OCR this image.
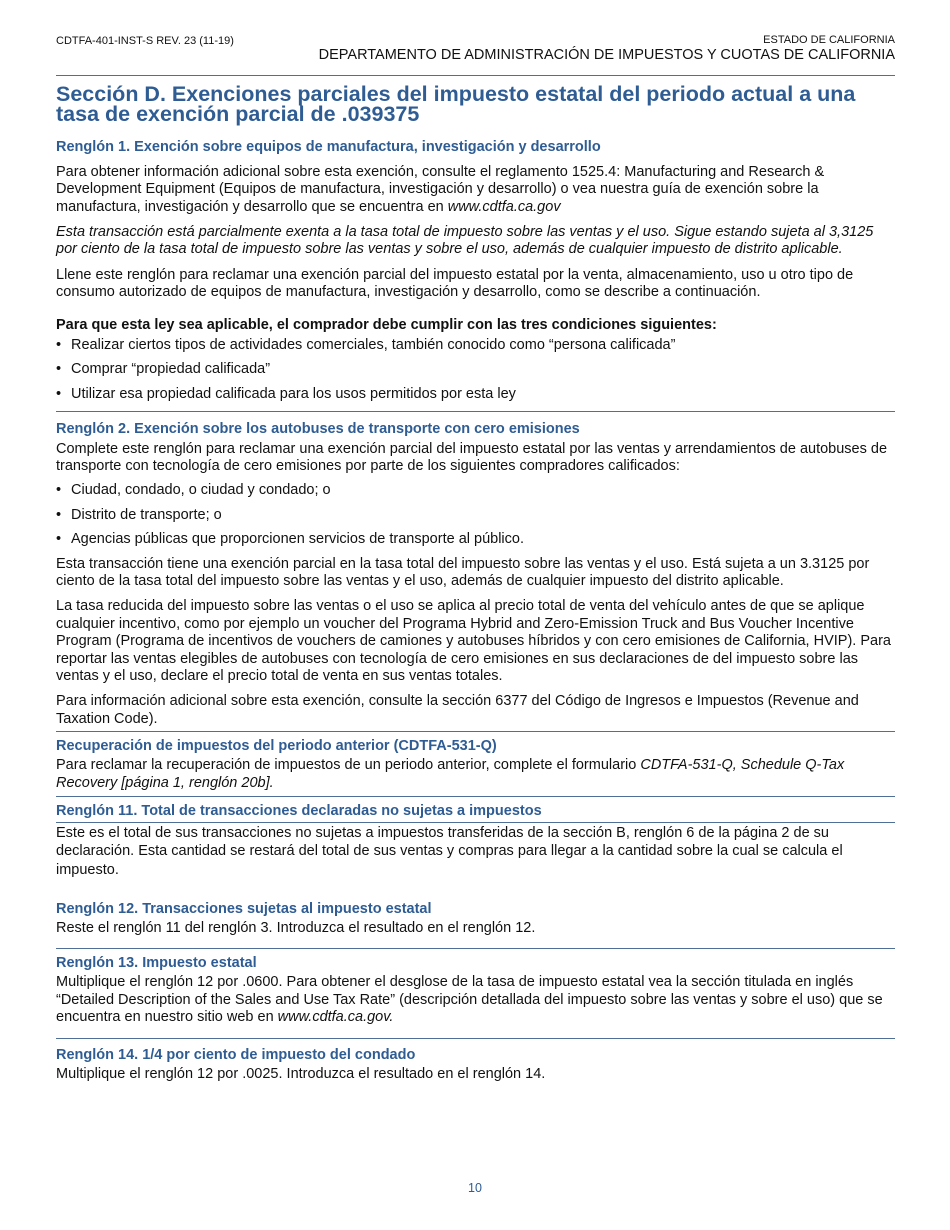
CDTFA-401-INST-S REV. 23 (11-19)	ESTADO DE CALIFORNIA
DEPARTAMENTO DE ADMINISTRACIÓN DE IMPUESTOS Y CUOTAS DE CALIFORNIA
Sección D. Exenciones parciales del impuesto estatal del periodo actual a una
tasa de exención parcial de .039375
Renglón 1. Exención sobre equipos de manufactura, investigación y desarrollo

Para obtener información adicional sobre esta exención, consulte el reglamento 1525.4: Manufacturing and Research & Development Equipment (Equipos de manufactura, investigación y desarrollo) o vea nuestra guía de exención sobre la manufactura, investigación y desarrollo que se encuentra en www.cdtfa.ca.gov

Esta transacción está parcialmente exenta a la tasa total de impuesto sobre las ventas y el uso. Sigue estando sujeta al 3,3125 por ciento de la tasa total de impuesto sobre las ventas y sobre el uso, además de cualquier impuesto de distrito aplicable.

Llene este renglón para reclamar una exención parcial del impuesto estatal por la venta, almacenamiento, uso u otro tipo de consumo autorizado de equipos de manufactura, investigación y desarrollo, como se describe a continuación.

Para que esta ley sea aplicable, el comprador debe cumplir con las tres condiciones siguientes:

• Realizar ciertos tipos de actividades comerciales, también conocido como “persona calificada”
• Comprar “propiedad calificada”
• Utilizar esa propiedad calificada para los usos permitidos por esta ley
Renglón 2. Exención sobre los autobuses de transporte con cero emisiones

Complete este renglón para reclamar una exención parcial del impuesto estatal por las ventas y arrendamientos de autobuses de transporte con tecnología de cero emisiones por parte de los siguientes compradores calificados:

• Ciudad, condado, o ciudad y condado; o
• Distrito de transporte; o
• Agencias públicas que proporcionen servicios de transporte al público.

Esta transacción tiene una exención parcial en la tasa total del impuesto sobre las ventas y el uso. Está sujeta a un 3.3125 por ciento de la tasa total del impuesto sobre las ventas y el uso, además de cualquier impuesto del distrito aplicable.

La tasa reducida del impuesto sobre las ventas o el uso se aplica al precio total de venta del vehículo antes de que se aplique cualquier incentivo, como por ejemplo un voucher del Programa Hybrid and Zero-Emission Truck and Bus Voucher Incentive Program (Programa de incentivos de vouchers de camiones y autobuses híbridos y con cero emisiones de California, HVIP). Para reportar las ventas elegibles de autobuses con tecnología de cero emisiones en sus declaraciones de del impuesto sobre las ventas y el uso, declare el precio total de venta en sus ventas totales.

Para información adicional sobre esta exención, consulte la sección 6377 del Código de Ingresos e Impuestos (Revenue and Taxation Code).

Recuperación de impuestos del periodo anterior (CDTFA-531-Q)

Para reclamar la recuperación de impuestos de un periodo anterior, complete el formulario CDTFA-531-Q, Schedule Q-Tax Recovery [página 1, renglón 20b].

Renglón 11. Total de transacciones declaradas no sujetas a impuestos

Este es el total de sus transacciones no sujetas a impuestos transferidas de la sección B, renglón 6 de la página 2 de su declaración. Esta cantidad se restará del total de sus ventas y compras para llegar a la cantidad sobre la cual se calcula el impuesto.

Renglón 12. Transacciones sujetas al impuesto estatal

Reste el renglón 11 del renglón 3. Introduzca el resultado en el renglón 12.

Renglón 13. Impuesto estatal

Multiplique el renglón 12 por .0600. Para obtener el desglose de la tasa de impuesto estatal vea la sección titulada en inglés “Detailed Description of the Sales and Use Tax Rate” (descripción detallada del impuesto sobre las ventas y sobre el uso) que se encuentra en nuestro sitio web en www.cdtfa.ca.gov.

Renglón 14. 1/4 por ciento de impuesto del condado

Multiplique el renglón 12 por .0025. Introduzca el resultado en el renglón 14.

10
